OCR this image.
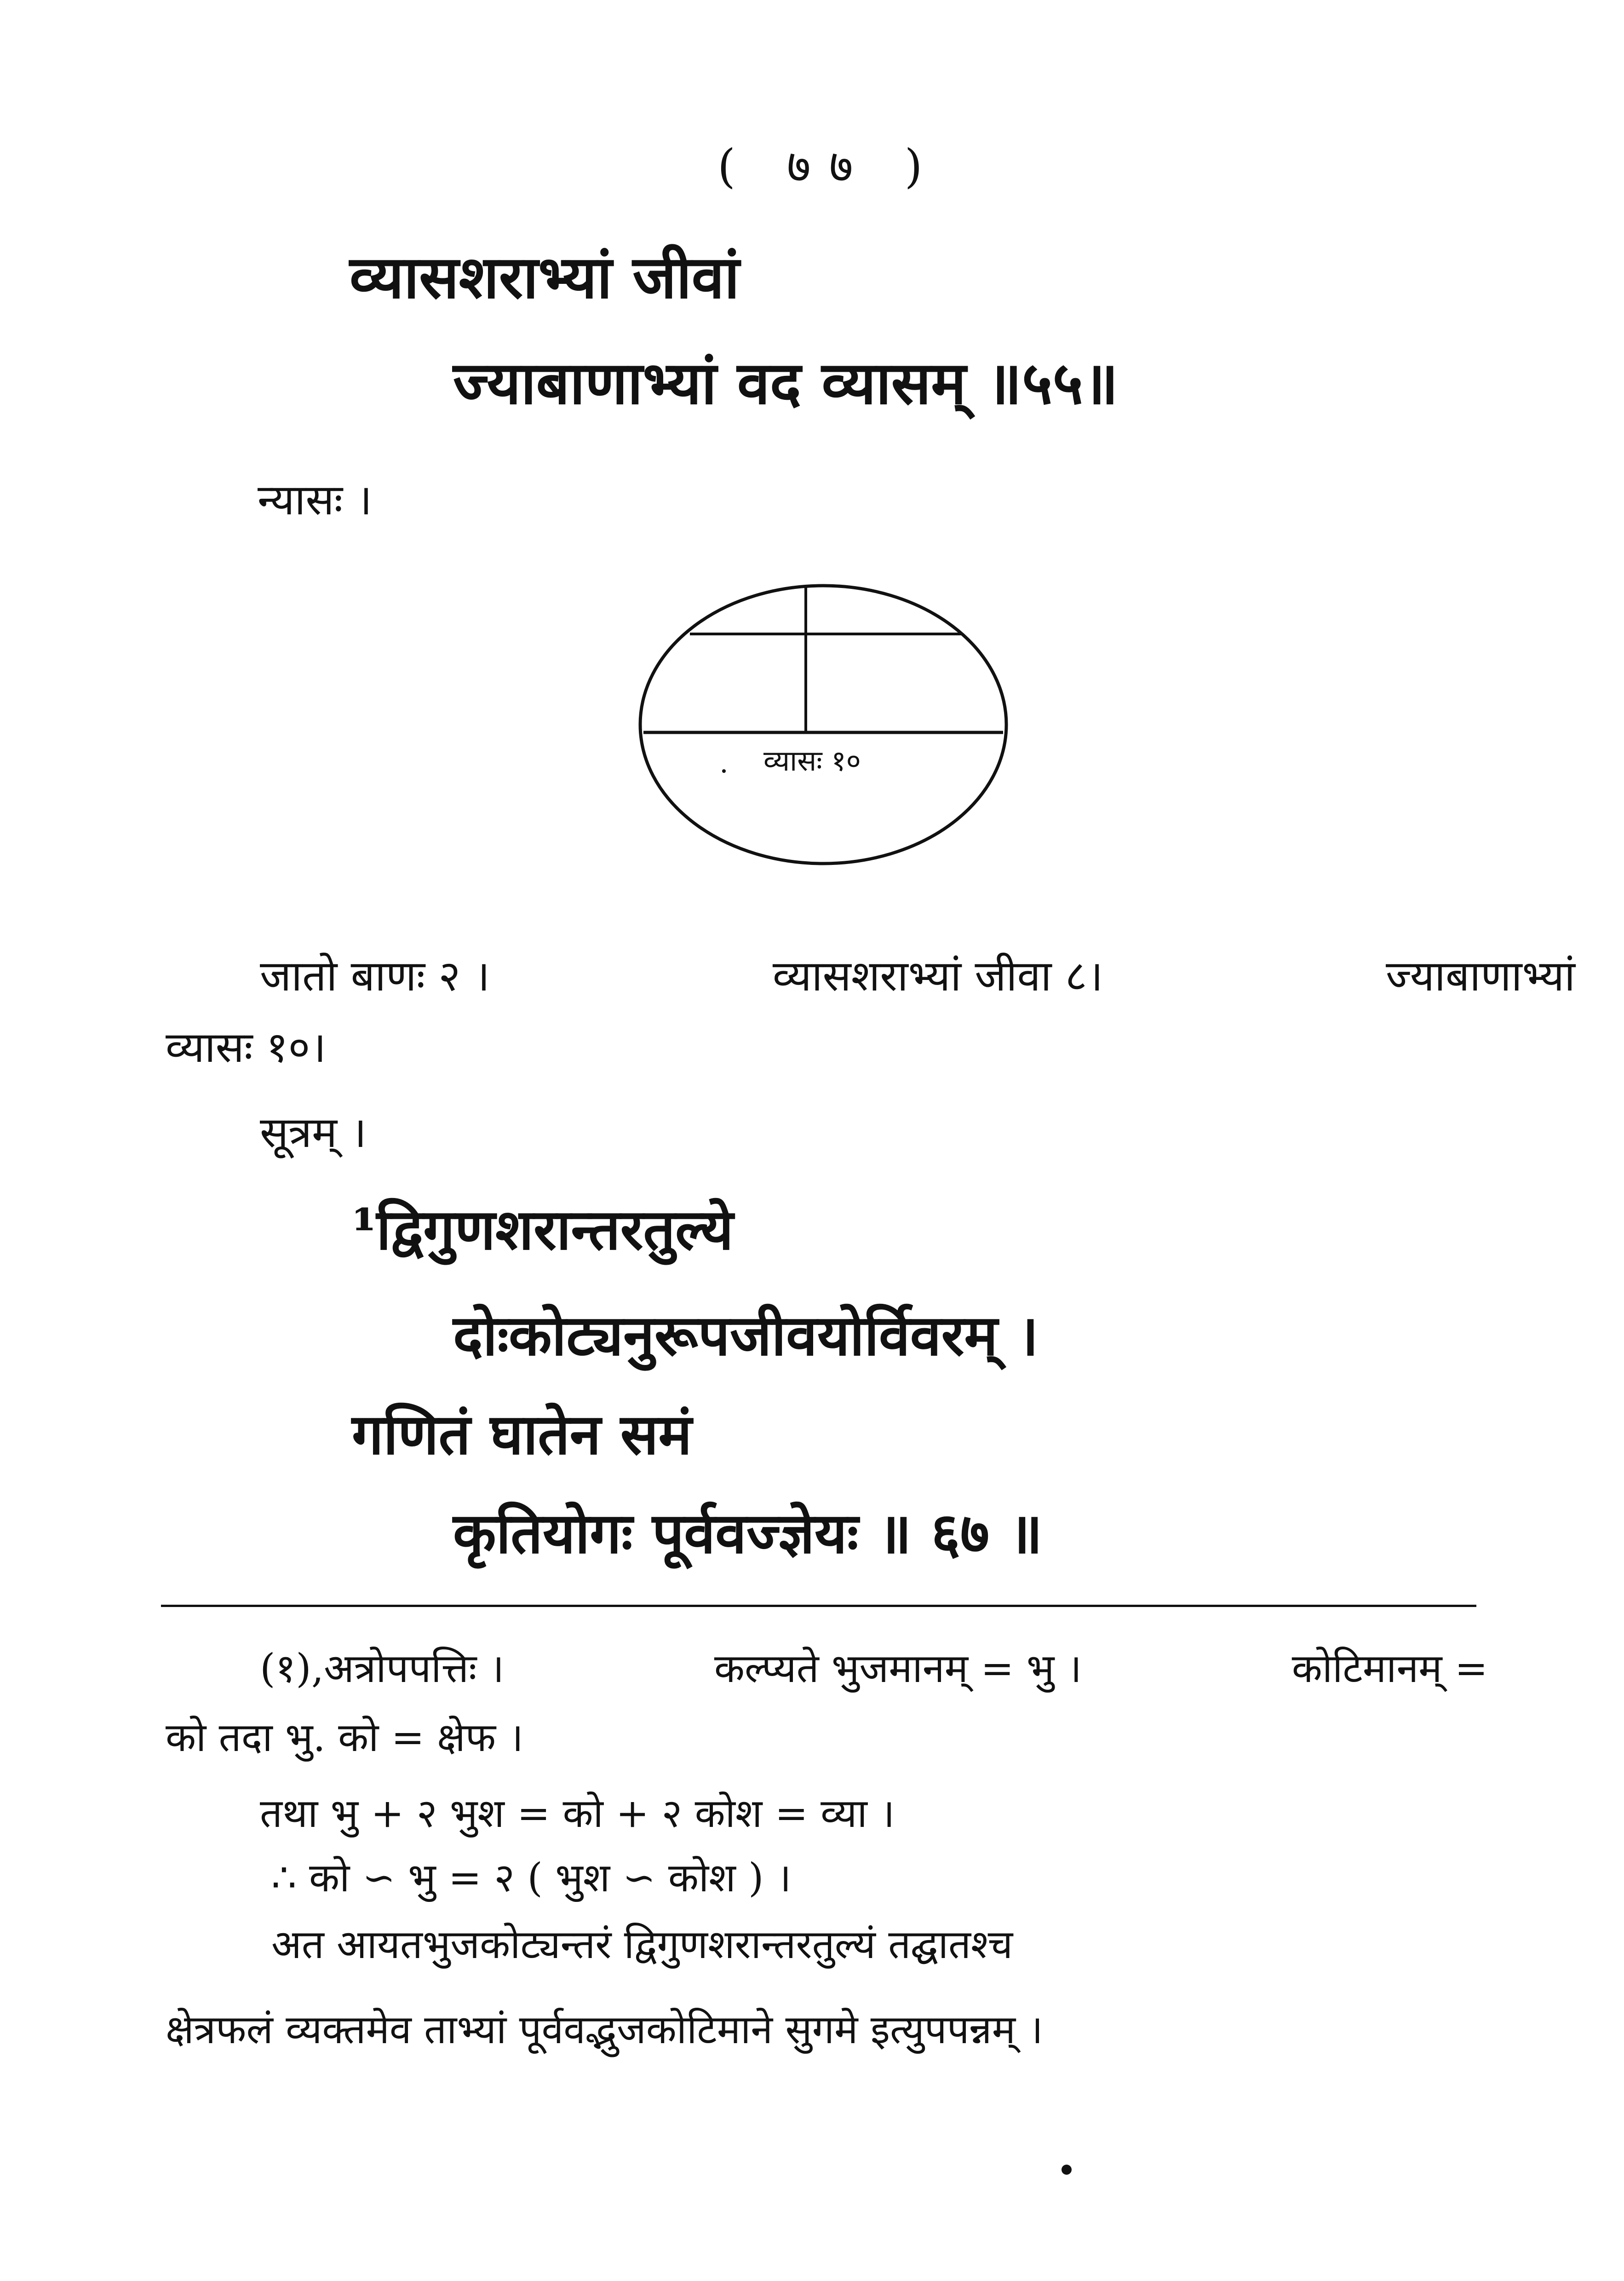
( ७७ )
व्यासशराभ्यां जीवां
ज्याबाणाभ्यां वद व्यासम् ॥५५॥
न्यासः ।
व्यासः १०
जातो बाणः २ ।	व्यासशराभ्यां जीवा ८।	ज्याबाणाभ्यां
व्यासः १०।
सूत्रम् ।
¹द्विगुणशरान्तरतुल्ये
दोःकोट्यनुरूपजीवयोर्विवरम् ।
गणितं घातेन समं
कृतियोगः पूर्ववज्ज्ञेयः ॥ ६७ ॥
(१),अत्रोपपत्तिः ।	कल्प्यते भुजमानम् = भु ।	कोटिमानम् =
को तदा भु. को = क्षेफ ।
तथा भु + २ भुश = को + २ कोश = व्या ।
∴ को ∽ भु = २ ( भुश ∽ कोश ) ।
अत आयतभुजकोट्यन्तरं द्विगुणशरान्तरतुल्यं तद्घातश्च
क्षेत्रफलं व्यक्तमेव ताभ्यां पूर्ववद्भुजकोटिमाने सुगमे इत्युपपन्नम् ।
